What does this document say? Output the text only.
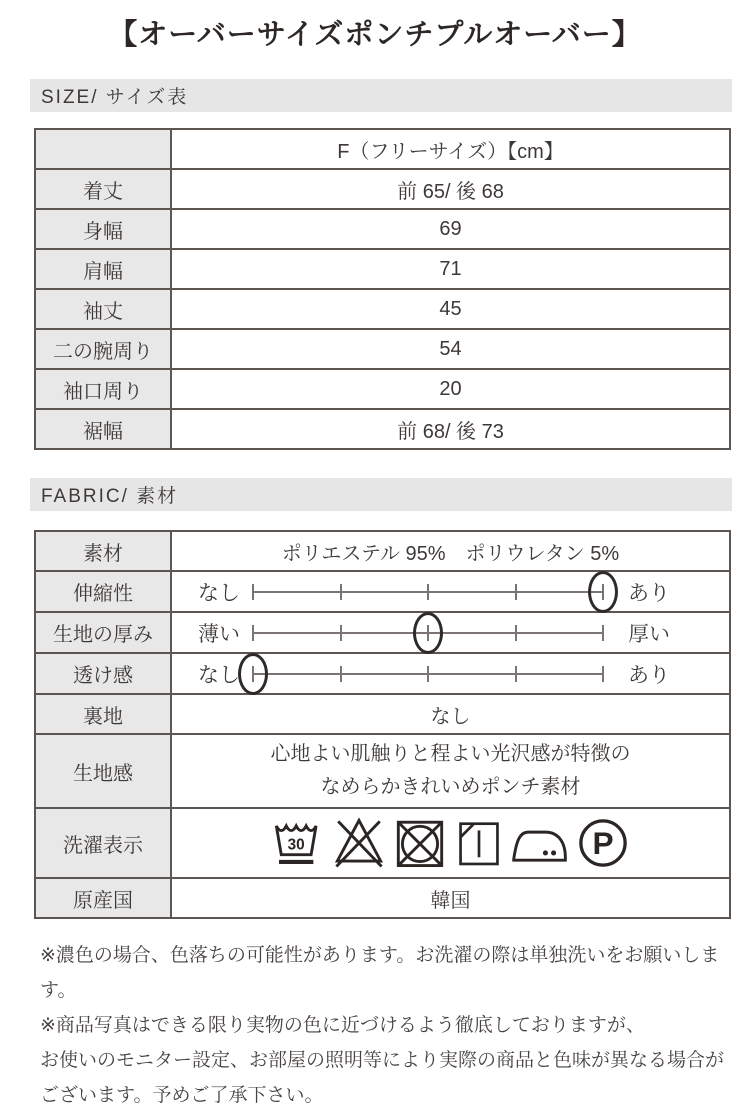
【オーバーサイズポンチプルオーバー】
SIZE/ サイズ表
	F（フリーサイズ）【cm】
着丈	前 65/ 後 68
身幅	69
肩幅	71
袖丈	45
二の腕周り	54
袖口周り	20
裾幅	前 68/ 後 73
FABRIC/ 素材
素材	ポリエステル 95%　ポリウレタン 5%
伸縮性	なし あり

生地の厚み	薄い 厚い

透け感	なし あり

裏地	なし
生地感	心地よい肌触りと程よい光沢感が特徴の
なめらかきれいめポンチ素材

洗濯表示	30 P

原産国	韓国

※濃色の場合、色落ちの可能性があります。お洗濯の際は単独洗いをお願いします。

※商品写真はできる限り実物の色に近づけるよう徹底しておりますが、

お使いのモニター設定、お部屋の照明等により実際の商品と色味が異なる場合が

ございます。予めご了承下さい。
